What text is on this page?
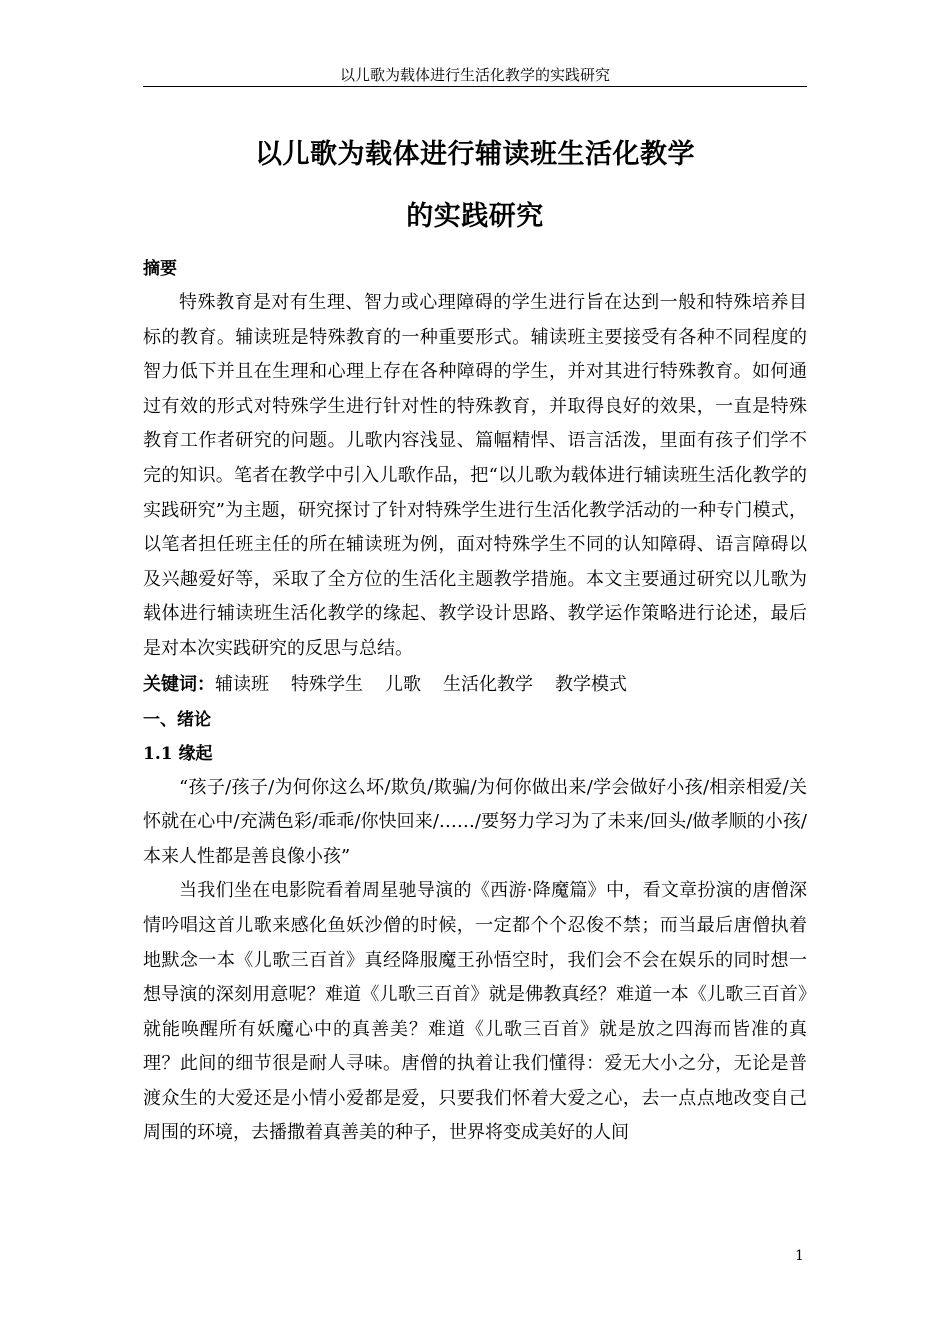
以儿歌为载体进行生活化教学的实践研究
以儿歌为载体进行辅读班生活化教学
的实践研究
摘要

特殊教育是对有生理、智力或心理障碍的学生进行旨在达到一般和特殊培养目标的教育。辅读班是特殊教育的一种重要形式。辅读班主要接受有各种不同程度的智力低下并且在生理和心理上存在各种障碍的学生，并对其进行特殊教育。如何通过有效的形式对特殊学生进行针对性的特殊教育，并取得良好的效果，一直是特殊教育工作者研究的问题。儿歌内容浅显、篇幅精悍、语言活泼，里面有孩子们学不完的知识。笔者在教学中引入儿歌作品，把“以儿歌为载体进行辅读班生活化教学的实践研究”为主题，研究探讨了针对特殊学生进行生活化教学活动的一种专门模式，以笔者担任班主任的所在辅读班为例，面对特殊学生不同的认知障碍、语言障碍以及兴趣爱好等，采取了全方位的生活化主题教学措施。本文主要通过研究以儿歌为载体进行辅读班生活化教学的缘起、教学设计思路、教学运作策略进行论述，最后是对本次实践研究的反思与总结。

关键词：辅读班 特殊学生 儿歌 生活化教学 教学模式
一、绪论
1.1 缘起

“孩子/孩子/为何你这么坏/欺负/欺骗/为何你做出来/学会做好小孩/相亲相爱/关怀就在心中/充满色彩/乖乖/你快回来/……/要努力学习为了未来/回头/做孝顺的小孩/本来人性都是善良像小孩”

当我们坐在电影院看着周星驰导演的《西游·降魔篇》中，看文章扮演的唐僧深情吟唱这首儿歌来感化鱼妖沙僧的时候，一定都个个忍俊不禁；而当最后唐僧执着地默念一本《儿歌三百首》真经降服魔王孙悟空时，我们会不会在娱乐的同时想一想导演的深刻用意呢？难道《儿歌三百首》就是佛教真经？难道一本《儿歌三百首》就能唤醒所有妖魔心中的真善美？难道《儿歌三百首》就是放之四海而皆准的真理？此间的细节很是耐人寻味。唐僧的执着让我们懂得：爱无大小之分，无论是普渡众生的大爱还是小情小爱都是爱，只要我们怀着大爱之心，去一点点地改变自己周围的环境，去播撒着真善美的种子，世界将变成美好的人间

1
